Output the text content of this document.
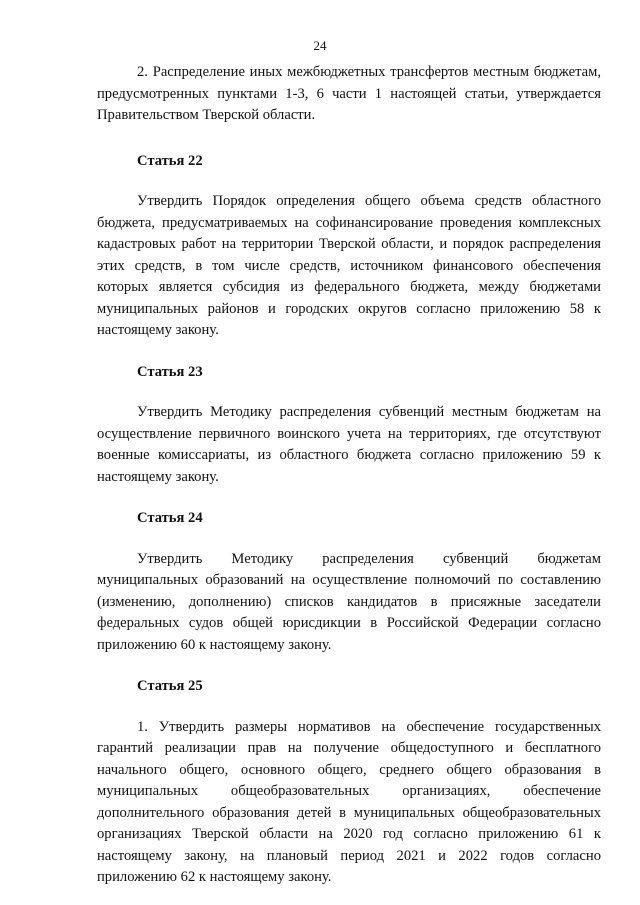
24

2. Распределение иных межбюджетных трансфертов местным бюджетам, предусмотренных пунктами 1-3, 6 части 1 настоящей статьи, утверждается Правительством Тверской области.

Статья 22

Утвердить Порядок определения общего объема средств областного бюджета, предусматриваемых на софинансирование проведения комплексных кадастровых работ на территории Тверской области, и порядок распределения этих средств, в том числе средств, источником финансового обеспечения которых является субсидия из федерального бюджета, между бюджетами муниципальных районов и городских округов согласно приложению 58 к настоящему закону.

Статья 23

Утвердить Методику распределения субвенций местным бюджетам на осуществление первичного воинского учета на территориях, где отсутствуют военные комиссариаты, из областного бюджета согласно приложению 59 к настоящему закону.

Статья 24

Утвердить Методику распределения субвенций бюджетам муниципальных образований на осуществление полномочий по составлению (изменению, дополнению) списков кандидатов в присяжные заседатели федеральных судов общей юрисдикции в Российской Федерации согласно приложению 60 к настоящему закону.

Статья 25

1. Утвердить размеры нормативов на обеспечение государственных гарантий реализации прав на получение общедоступного и бесплатного начального общего, основного общего, среднего общего образования в муниципальных общеобразовательных организациях, обеспечение дополнительного образования детей в муниципальных общеобразовательных организациях Тверской области на 2020 год согласно приложению 61 к настоящему закону, на плановый период 2021 и 2022 годов согласно приложению 62 к настоящему закону.
